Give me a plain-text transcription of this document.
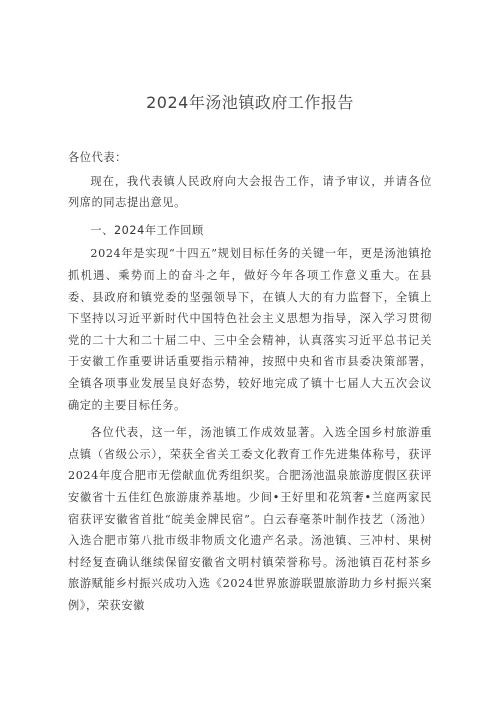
2024年汤池镇政府工作报告

各位代表：

现在，我代表镇人民政府向大会报告工作，请予审议，并请各位列席的同志提出意见。

一、2024年工作回顾

2024年是实现“十四五”规划目标任务的关键一年，更是汤池镇抢抓机遇、乘势而上的奋斗之年，做好今年各项工作意义重大。在县委、县政府和镇党委的坚强领导下，在镇人大的有力监督下，全镇上下坚持以习近平新时代中国特色社会主义思想为指导，深入学习贯彻党的二十大和二十届二中、三中全会精神，认真落实习近平总书记关于安徽工作重要讲话重要指示精神，按照中央和省市县委决策部署，全镇各项事业发展呈良好态势，较好地完成了镇十七届人大五次会议确定的主要目标任务。

各位代表，这一年，汤池镇工作成效显著。入选全国乡村旅游重点镇（省级公示），荣获全省关工委文化教育工作先进集体称号，获评2024年度合肥市无偿献血优秀组织奖。合肥汤池温泉旅游度假区获评安徽省十五佳红色旅游康养基地。少间•王好里和花筑奢•兰庭两家民宿获评安徽省首批“皖美金牌民宿”。白云春毫茶叶制作技艺（汤池）入选合肥市第八批市级非物质文化遗产名录。汤池镇、三冲村、果树村经复查确认继续保留安徽省文明村镇荣誉称号。汤池镇百花村茶乡旅游赋能乡村振兴成功入选《2024世界旅游联盟旅游助力乡村振兴案例》，荣获安徽
